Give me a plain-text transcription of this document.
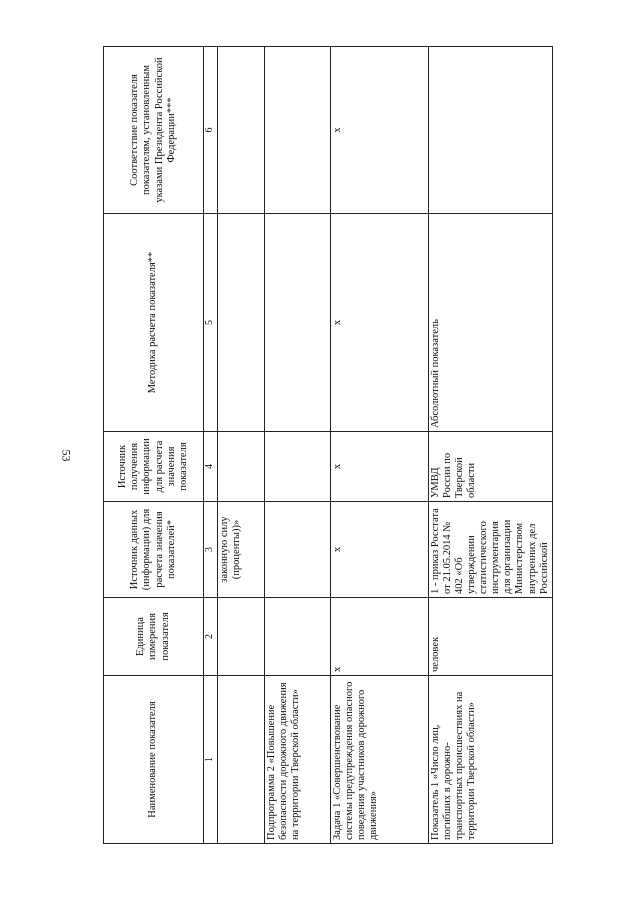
53
Наименование показателя	Единица измерения показателя	Источник данных (информации) для расчета значения показателей*	Источник получения информации для расчета значения показателя	Методика расчета показателя**	Соответствие показателя показателям, установленным указами Президента Российской Федерации***
1	2	3	4	5	6
		законную силу (проценты))»			
Подпрограмма 2 «Повышение безопасности дорожного движения на территории Тверской области»					
Задача 1 «Совершенствование системы предупреждения опасного поведения участников дорожного движения»	х	х	х	х	х
Показатель 1 «Число лиц, погибших в дорожно-транспортных происшествиях на территории Тверской области»	человек	1 - приказ Росстата от 21.05.2014 № 402 «Об утверждении статистического инструментария для организации Министерством внутренних дел Российской	УМВД России по Тверской области	Абсолютный показатель	
